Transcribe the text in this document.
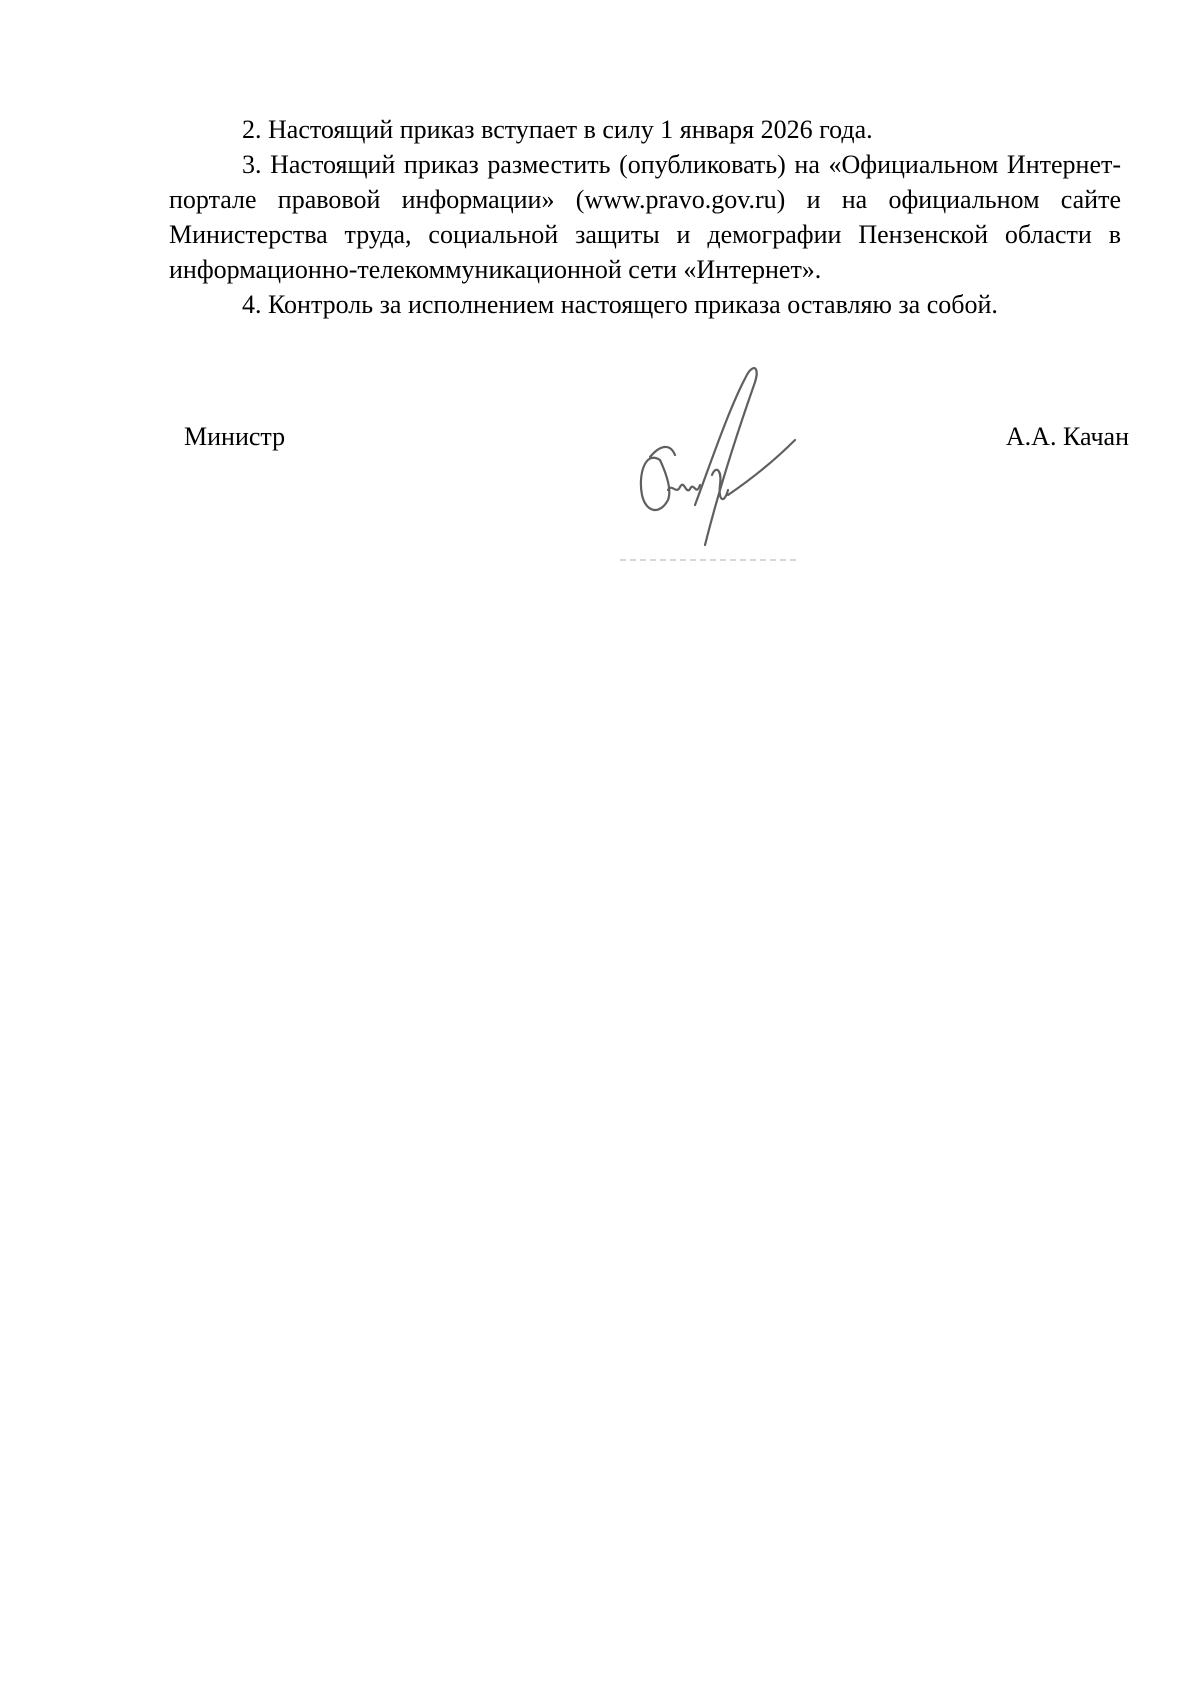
2. Настоящий приказ вступает в силу 1 января 2026 года.

3. Настоящий приказ разместить (опубликовать) на «Официальном Интернет-портале правовой информации» (www.pravo.gov.ru) и на официальном сайте Министерства труда, социальной защиты и демографии Пензенской области в информационно-телекоммуникационной сети «Интернет».

4. Контроль за исполнением настоящего приказа оставляю за собой.

Министр	А.А. Качан
